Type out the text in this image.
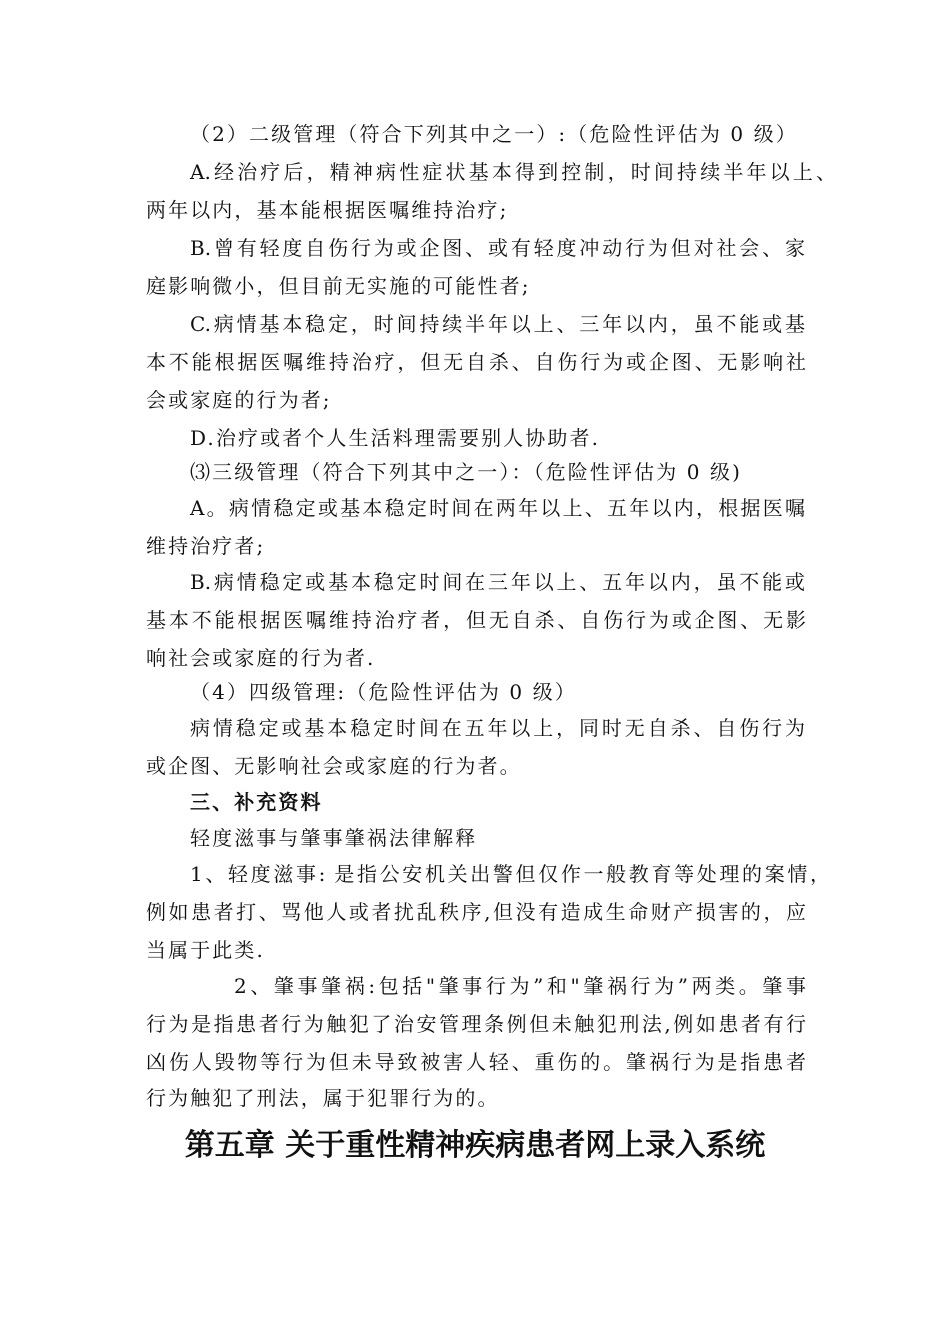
（2）二级管理（符合下列其中之一）:（危险性评估为 0 级）
A.经治疗后，精神病性症状基本得到控制，时间持续半年以上、
两年以内，基本能根据医嘱维持治疗;
B.曾有轻度自伤行为或企图、或有轻度冲动行为但对社会、家
庭影响微小，但目前无实施的可能性者;
C.病情基本稳定，时间持续半年以上、三年以内，虽不能或基
本不能根据医嘱维持治疗，但无自杀、自伤行为或企图、无影响社
会或家庭的行为者;
D.治疗或者个人生活料理需要别人协助者.
⑶三级管理（符合下列其中之一）：（危险性评估为 0 级)
A。病情稳定或基本稳定时间在两年以上、五年以内，根据医嘱
维持治疗者;
B.病情稳定或基本稳定时间在三年以上、五年以内，虽不能或
基本不能根据医嘱维持治疗者，但无自杀、自伤行为或企图、无影
响社会或家庭的行为者.
（4）四级管理:（危险性评估为 0 级）
病情稳定或基本稳定时间在五年以上，同时无自杀、自伤行为
或企图、无影响社会或家庭的行为者。
三、补充资料
轻度滋事与肇事肇祸法律解释
1、轻度滋事: 是指公安机关出警但仅作一般教育等处理的案情，
例如患者打、骂他人或者扰乱秩序,但没有造成生命财产损害的，应
当属于此类.
2、肇事肇祸:包括"肇事行为”和"肇祸行为”两类。肇事
行为是指患者行为触犯了治安管理条例但未触犯刑法,例如患者有行
凶伤人毁物等行为但未导致被害人轻、重伤的。肇祸行为是指患者
行为触犯了刑法，属于犯罪行为的。
第五章 关于重性精神疾病患者网上录入系统
